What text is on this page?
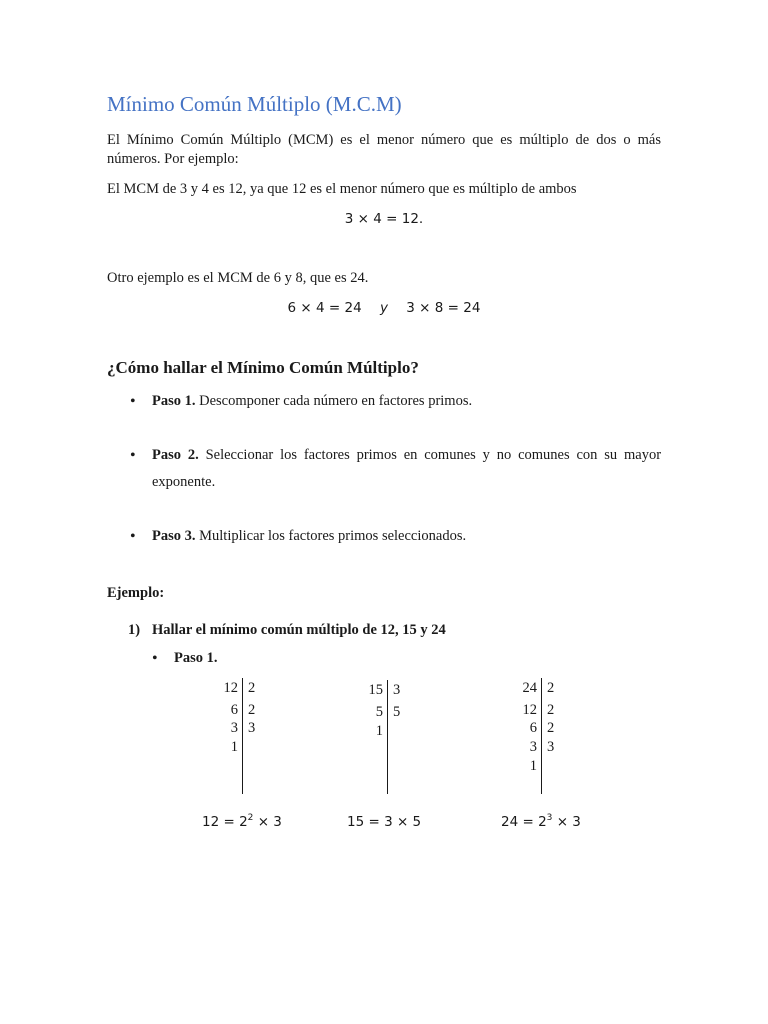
Mínimo Común Múltiplo (M.C.M)
El Mínimo Común Múltiplo (MCM) es el menor número que es múltiplo de dos o más números. Por ejemplo:
El MCM de 3 y 4 es 12, ya que 12 es el menor número que es múltiplo de ambos
3 × 4 = 12.
Otro ejemplo es el MCM de 6 y 8, que es 24.
6 × 4 = 24 y 3 × 8 = 24
¿Cómo hallar el Mínimo Común Múltiplo?
•
Paso 1. Descomponer cada número en factores primos.
•
Paso 2. Seleccionar los factores primos en comunes y no comunes con su mayor exponente.
•
Paso 3. Multiplicar los factores primos seleccionados.
Ejemplo:
1) Hallar el mínimo común múltiplo de 12, 15 y 24
•
Paso 1.
12
6
3
1
2
2
3
15
5
1
3
5
24
12
6
3
1
2
2
2
3
$12 = 2^2 \times 3$	15 = 3 × 5	$24 = 2^3 \times 3$
